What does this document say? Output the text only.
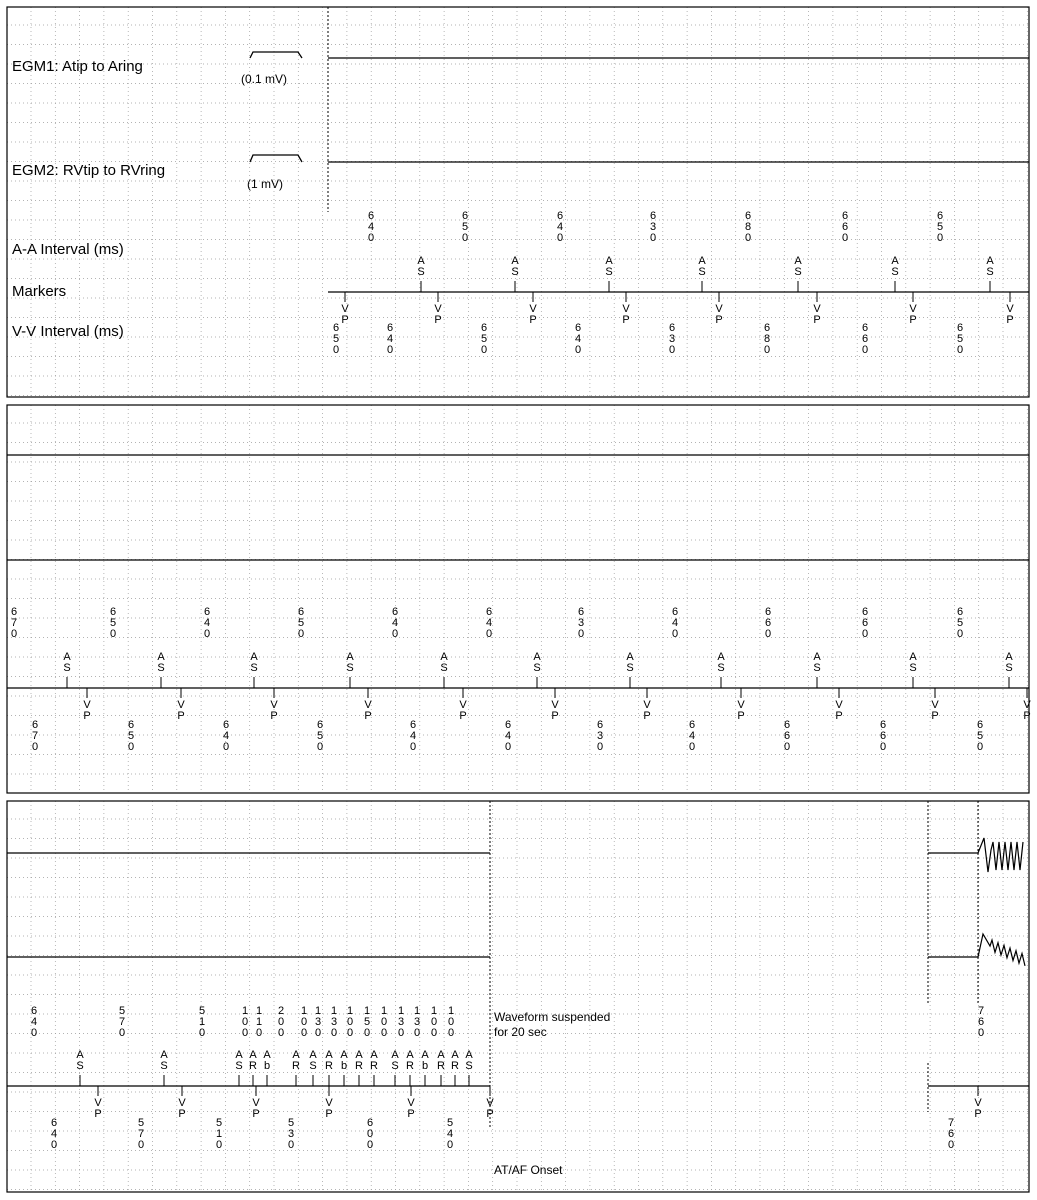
6
4
0
6
5
0
6
4
0
6
3
0
6
8
0
6
6
0
6
5
0
A
S
A
S
A
S
A
S
A
S
A
S
A
S
V
P
V
P
V
P
V
P
V
P
V
P
V
P
V
P
6
5
0
6
4
0
6
5
0
6
4
0
6
3
0
6
8
0
6
6
0
6
5
0
6
7
0
6
5
0
6
4
0
6
5
0
6
4
0
6
4
0
6
3
0
6
4
0
6
6
0
6
6
0
6
5
0
A
S
A
S
A
S
A
S
A
S
A
S
A
S
A
S
A
S
A
S
A
S
V
P
V
P
V
P
V
P
V
P
V
P
V
P
V
P
V
P
V
P
V
P
6
7
0
6
5
0
6
4
0
6
5
0
6
4
0
6
4
0
6
3
0
6
4
0
6
6
0
6
6
0
6
5
0
6
4
0
5
7
0
5
1
0
1
0
0
1
1
0
2
0
0
1
0
0
1
3
0
1
3
0
1
0
0
1
5
0
1
0
0
1
3
0
1
3
0
1
0
0
1
0
0
7
6
0
A
S
A
S
A
S
A
R
A
b
A
R
A
S
A
R
A
b
A
R
A
R
A
S
A
R
A
b
A
R
A
R
A
S
V
P
V
P
V
P
V
P
V
P
V
P
V
P
6
4
0
5
7
0
5
1
0
5
3
0
6
0
0
5
4
0
7
6
0
EGM1: Atip to Aring
EGM2: RVtip to RVring
(0.1 mV)
(1 mV)
A-A Interval (ms)
Markers
V-V Interval (ms)
Waveform suspended
for 20 sec
AT/AF Onset
